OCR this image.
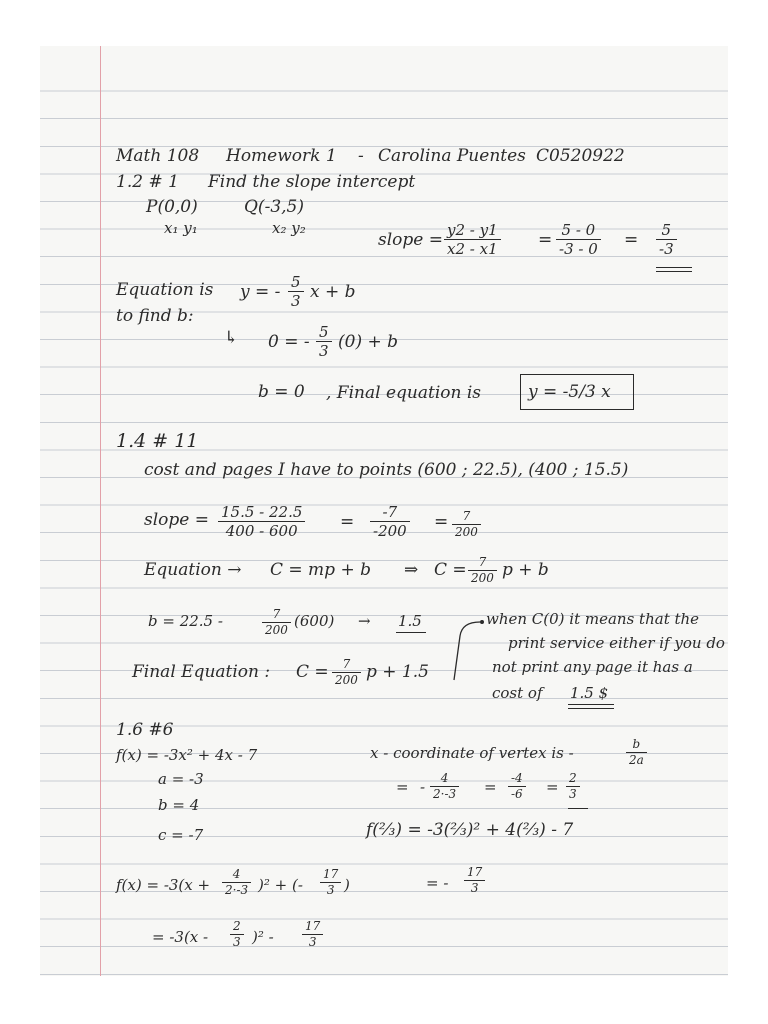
Math 108 Homework 1 - Carolina Puentes C0520922
1.2 # 1 Find the slope intercept
P(0,0)	Q(-3,5)
x₁ y₁	x₂ y₂
slope = $\frac{y2 - y1}{x2 - x1} = \frac{5 - 0}{-3 - 0} = \frac{5}{-3}$
Equation is y = - $\frac{5}{3}$ x + b
to find b:
↳ 0 = - $\frac{5}{3} (0) + b$
b = 0 , Final equation is	y = -5/3 x
1.4 # 11
cost and pages I have to points (600 ; 22.5), (400 ; 15.5)
slope = $\frac{15.5 - 22.5}{400 - 600} = \frac{-7}{-200} = \frac{7}{200}$
Equation → C = mp + b ⇒ $C = \frac{7}{200}$ p + b
b = 22.5 -	$\frac{7}{200} (600) \to 1.5$	when C(0) it means that the
print service either if you do
not print any page it has a
cost of 1.5 $
Final Equation : $C = \frac{7}{200}$ p + 1.5
1.6 #6
f(x) = -3x² + 4x - 7
a = -3
b = 4
c = -7
x - coordinate of vertex is -	$\frac{b}{2a}$
= - $\frac{4}{2\cdot-3} = \frac{-4}{-6} = \frac{2}{3}$
f(⅔) = -3(⅔)² + 4(⅔) - 7
= - $\frac{17}{3}$
$f(x) = -3(x + \frac{4}{2\cdot-3} )^2$ + (- $\frac{17}{3}$ )
= $-3(x - \frac{2}{3} )^2 - \frac{17}{3}$
